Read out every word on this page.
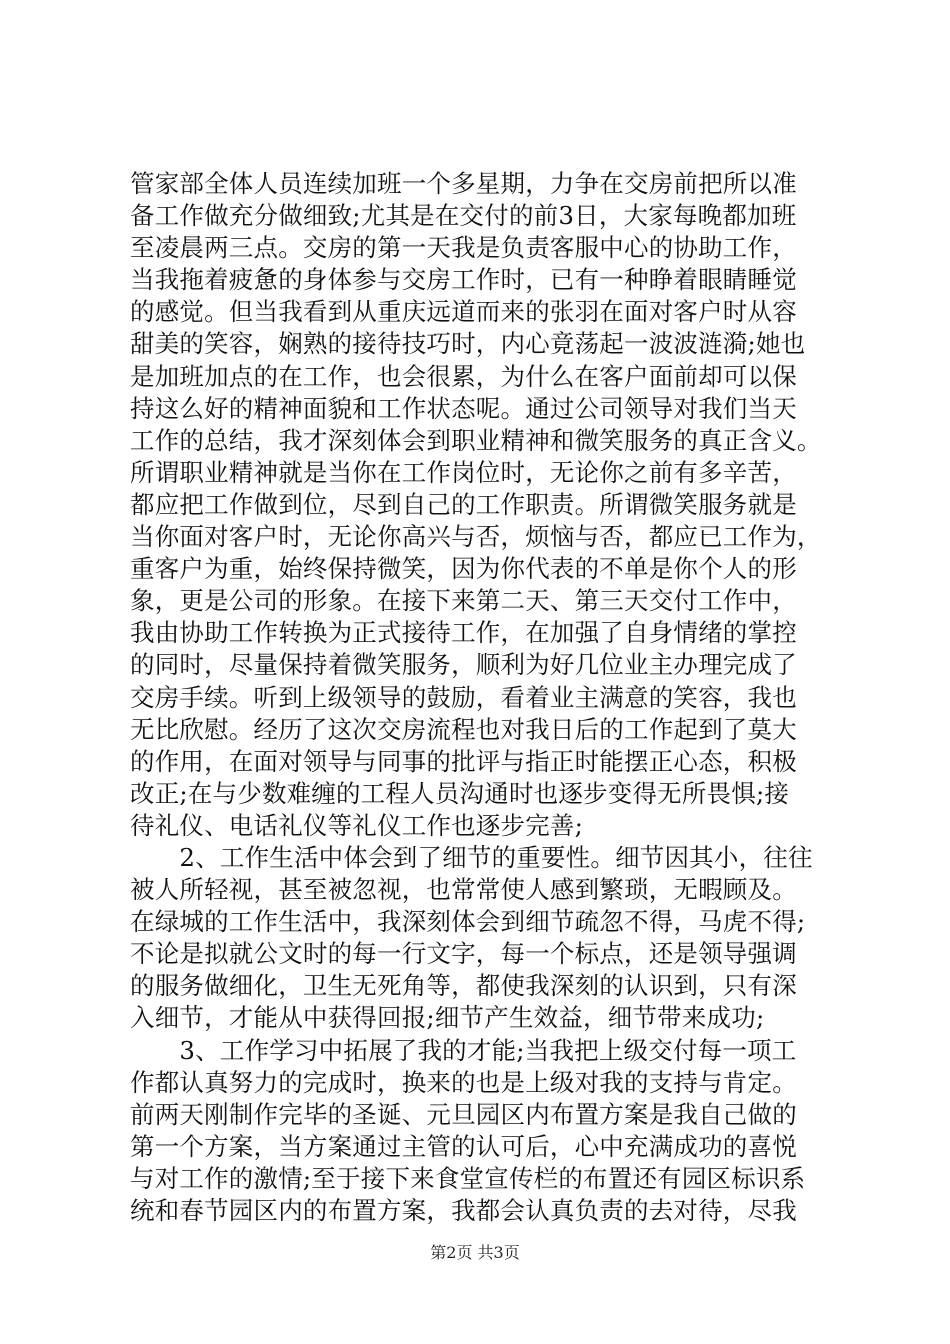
管家部全体人员连续加班一个多星期，力争在交房前把所以准
备工作做充分做细致;尤其是在交付的前3日，大家每晚都加班
至凌晨两三点。交房的第一天我是负责客服中心的协助工作，
当我拖着疲惫的身体参与交房工作时，已有一种睁着眼睛睡觉
的感觉。但当我看到从重庆远道而来的张羽在面对客户时从容
甜美的笑容，娴熟的接待技巧时，内心竟荡起一波波涟漪;她也
是加班加点的在工作，也会很累，为什么在客户面前却可以保
持这么好的精神面貌和工作状态呢。通过公司领导对我们当天
工作的总结，我才深刻体会到职业精神和微笑服务的真正含义。
所谓职业精神就是当你在工作岗位时，无论你之前有多辛苦，
都应把工作做到位，尽到自己的工作职责。所谓微笑服务就是
当你面对客户时，无论你高兴与否，烦恼与否，都应已工作为，
重客户为重，始终保持微笑，因为你代表的不单是你个人的形
象，更是公司的形象。在接下来第二天、第三天交付工作中，
我由协助工作转换为正式接待工作，在加强了自身情绪的掌控
的同时，尽量保持着微笑服务，顺利为好几位业主办理完成了
交房手续。听到上级领导的鼓励，看着业主满意的笑容，我也
无比欣慰。经历了这次交房流程也对我日后的工作起到了莫大
的作用，在面对领导与同事的批评与指正时能摆正心态，积极
改正;在与少数难缠的工程人员沟通时也逐步变得无所畏惧;接
待礼仪、电话礼仪等礼仪工作也逐步完善;
　　2、工作生活中体会到了细节的重要性。细节因其小，往往
被人所轻视，甚至被忽视，也常常使人感到繁琐，无暇顾及。
在绿城的工作生活中，我深刻体会到细节疏忽不得，马虎不得;
不论是拟就公文时的每一行文字，每一个标点，还是领导强调
的服务做细化，卫生无死角等，都使我深刻的认识到，只有深
入细节，才能从中获得回报;细节产生效益，细节带来成功;
　　3、工作学习中拓展了我的才能;当我把上级交付每一项工
作都认真努力的完成时，换来的也是上级对我的支持与肯定。
前两天刚制作完毕的圣诞、元旦园区内布置方案是我自己做的
第一个方案，当方案通过主管的认可后，心中充满成功的喜悦
与对工作的激情;至于接下来食堂宣传栏的布置还有园区标识系
统和春节园区内的布置方案，我都会认真负责的去对待，尽我
第2页 共3页
